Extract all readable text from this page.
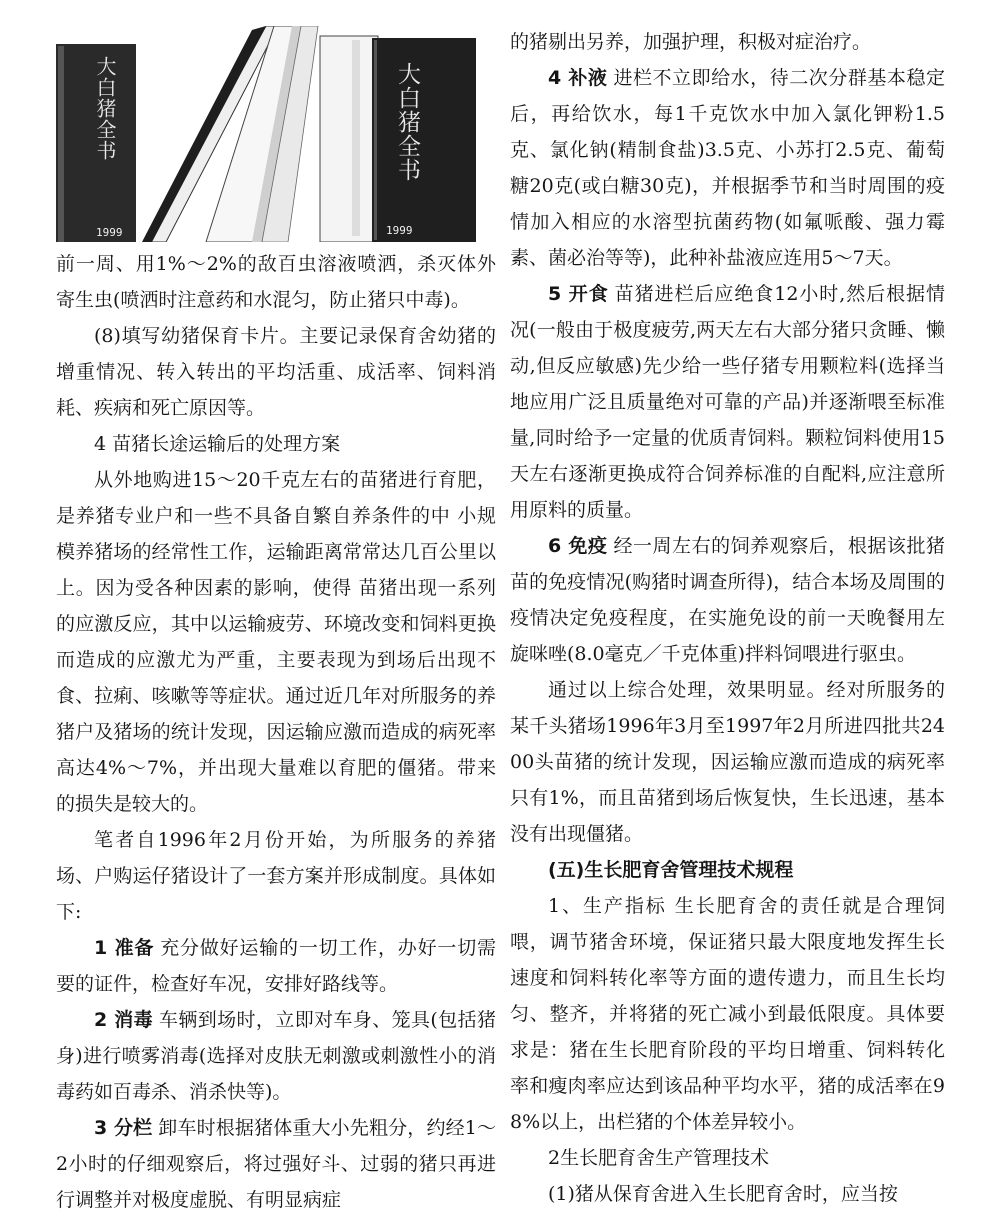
大白猪全书
1999
大白猪全书
1999

前一周、用1%～2%的敌百虫溶液喷洒，杀灭体外寄生虫(喷洒时注意药和水混匀，防止猪只中毒)。

(8)填写幼猪保育卡片。主要记录保育舍幼猪的增重情况、转入转出的平均活重、成活率、饲料消耗、疾病和死亡原因等。

4 苗猪长途运输后的处理方案

从外地购进15～20千克左右的苗猪进行育肥，是养猪专业户和一些不具备自繁自养条件的中 小规模养猪场的经常性工作，运输距离常常达几百公里以上。因为受各种因素的影响，使得 苗猪出现一系列的应激反应，其中以运输疲劳、环境改变和饲料更换而造成的应激尤为严重，主要表现为到场后出现不食、拉痢、咳嗽等等症状。通过近几年对所服务的养猪户及猪场的统计发现，因运输应激而造成的病死率高达4%～7%，并出现大量难以育肥的僵猪。带来的损失是较大的。

笔者自1996年2月份开始，为所服务的养猪场、户购运仔猪设计了一套方案并形成制度。具体如下:

1 准备 充分做好运输的一切工作，办好一切需要的证件，检查好车况，安排好路线等。

2 消毒 车辆到场时，立即对车身、笼具(包括猪身)进行喷雾消毒(选择对皮肤无刺激或刺激性小的消毒药如百毒杀、消杀快等)。

3 分栏 卸车时根据猪体重大小先粗分，约经1～2小时的仔细观察后，将过强好斗、过弱的猪只再进行调整并对极度虚脱、有明显病症

的猪剔出另养，加强护理，积极对症治疗。

4 补液 进栏不立即给水，待二次分群基本稳定后，再给饮水，每1千克饮水中加入氯化钾粉1.5克、氯化钠(精制食盐)3.5克、小苏打2.5克、葡萄糖20克(或白糖30克)，并根据季节和当时周围的疫情加入相应的水溶型抗菌药物(如氟哌酸、强力霉素、菌必治等等)，此种补盐液应连用5～7天。

5 开食 苗猪进栏后应绝食12小时,然后根据情况(一般由于极度疲劳,两天左右大部分猪只贪睡、懒动,但反应敏感)先少给一些仔猪专用颗粒料(选择当地应用广泛且质量绝对可靠的产品)并逐渐喂至标准量,同时给予一定量的优质青饲料。颗粒饲料使用15天左右逐渐更换成符合饲养标准的自配料,应注意所用原料的质量。

6 免疫 经一周左右的饲养观察后，根据该批猪苗的免疫情况(购猪时调查所得)，结合本场及周围的疫情决定免疫程度，在实施免设的前一天晚餐用左旋咪唑(8.0毫克／千克体重)拌料饲喂进行驱虫。

通过以上综合处理，效果明显。经对所服务的某千头猪场1996年3月至1997年2月所进四批共2400头苗猪的统计发现，因运输应激而造成的病死率只有1%，而且苗猪到场后恢复快，生长迅速，基本没有出现僵猪。

(五)生长肥育舍管理技术规程

1、生产指标 生长肥育舍的责任就是合理饲喂，调节猪舍环境，保证猪只最大限度地发挥生长速度和饲料转化率等方面的遗传遗力，而且生长均匀、整齐，并将猪的死亡减小到最低限度。具体要求是：猪在生长肥育阶段的平均日增重、饲料转化率和瘦肉率应达到该品种平均水平，猪的成活率在98%以上，出栏猪的个体差异较小。

2生长肥育舍生产管理技术

(1)猪从保育舍进入生长肥育舍时，应当按
